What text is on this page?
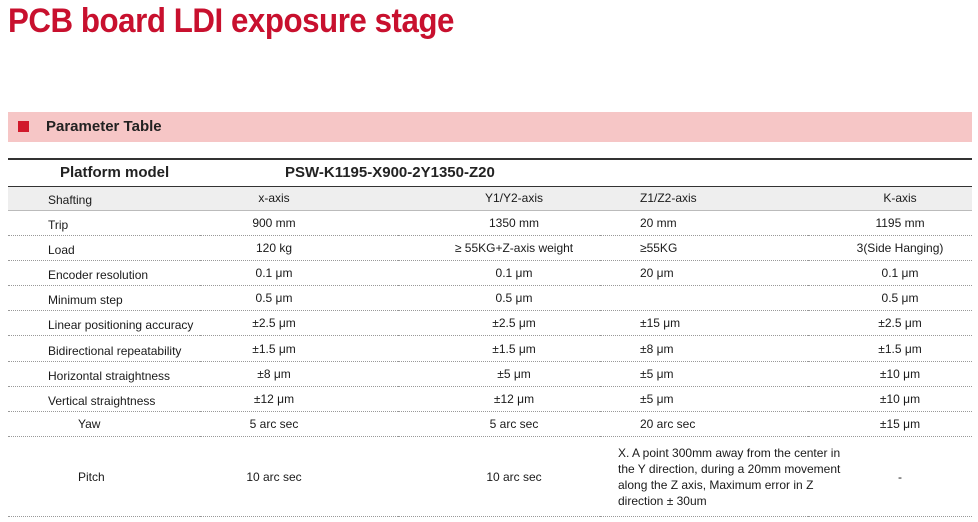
PCB board LDI exposure stage
Parameter Table
Platform model	PSW-K1195-X900-2Y1350-Z20			
Shafting	x-axis	Y1/Y2-axis	Z1/Z2-axis	K-axis
Trip	900 mm	1350 mm	20 mm	1195 mm
Load	120 kg	≥ 55KG+Z-axis weight	≥55KG	3(Side Hanging)
Encoder resolution	0.1 μm	0.1 μm	20 μm	0.1 μm
Minimum step	0.5 μm	0.5 μm		0.5 μm
Linear positioning accuracy	±2.5 μm	±2.5 μm	±15 μm	±2.5 μm
Bidirectional repeatability	±1.5 μm	±1.5 μm	±8 μm	±1.5 μm
Horizontal straightness	±8 μm	±5 μm	±5 μm	±10 μm
Vertical straightness	±12 μm	±12 μm	±5 μm	±10 μm
Yaw	5 arc sec	5 arc sec	20 arc sec	±15 μm
Pitch	10 arc sec	10 arc sec	X. A point 300mm away from the center in the Y direction, during a 20mm movement along the Z axis, Maximum error in Z direction ± 30um	-
